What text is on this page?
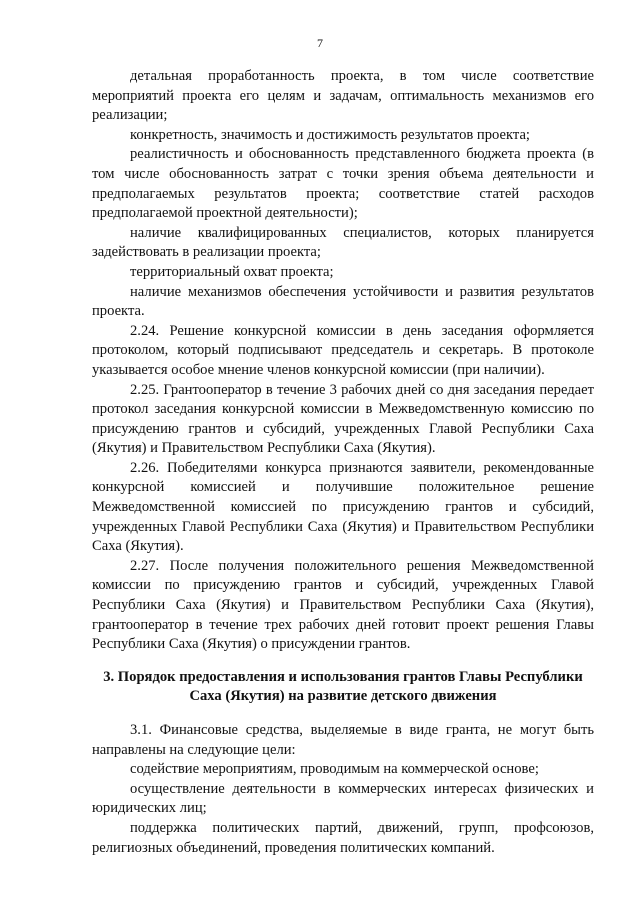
7

детальная проработанность проекта, в том числе соответствие мероприятий проекта его целям и задачам, оптимальность механизмов его реализации;

конкретность, значимость и достижимость результатов проекта;

реалистичность и обоснованность представленного бюджета проекта (в том числе обоснованность затрат с точки зрения объема деятельности и предполагаемых результатов проекта; соответствие статей расходов предполагаемой проектной деятельности);

наличие квалифицированных специалистов, которых планируется задействовать в реализации проекта;

территориальный охват проекта;

наличие механизмов обеспечения устойчивости и развития результатов проекта.

2.24. Решение конкурсной комиссии в день заседания оформляется протоколом, который подписывают председатель и секретарь. В протоколе указывается особое мнение членов конкурсной комиссии (при наличии).

2.25. Грантооператор в течение 3 рабочих дней со дня заседания передает протокол заседания конкурсной комиссии в Межведомственную комиссию по присуждению грантов и субсидий, учрежденных Главой Республики Саха (Якутия) и Правительством Республики Саха (Якутия).

2.26. Победителями конкурса признаются заявители, рекомендованные конкурсной комиссией и получившие положительное решение Межведомственной комиссией по присуждению грантов и субсидий, учрежденных Главой Республики Саха (Якутия) и Правительством Республики Саха (Якутия).

2.27. После получения положительного решения Межведомственной комиссии по присуждению грантов и субсидий, учрежденных Главой Республики Саха (Якутия) и Правительством Республики Саха (Якутия), грантооператор в течение трех рабочих дней готовит проект решения Главы Республики Саха (Якутия) о присуждении грантов.

3. Порядок предоставления и использования грантов Главы Республики Саха (Якутия) на развитие детского движения

3.1. Финансовые средства, выделяемые в виде гранта, не могут быть направлены на следующие цели:

содействие мероприятиям, проводимым на коммерческой основе;

осуществление деятельности в коммерческих интересах физических и юридических лиц;

поддержка политических партий, движений, групп, профсоюзов, религиозных объединений, проведения политических компаний.
